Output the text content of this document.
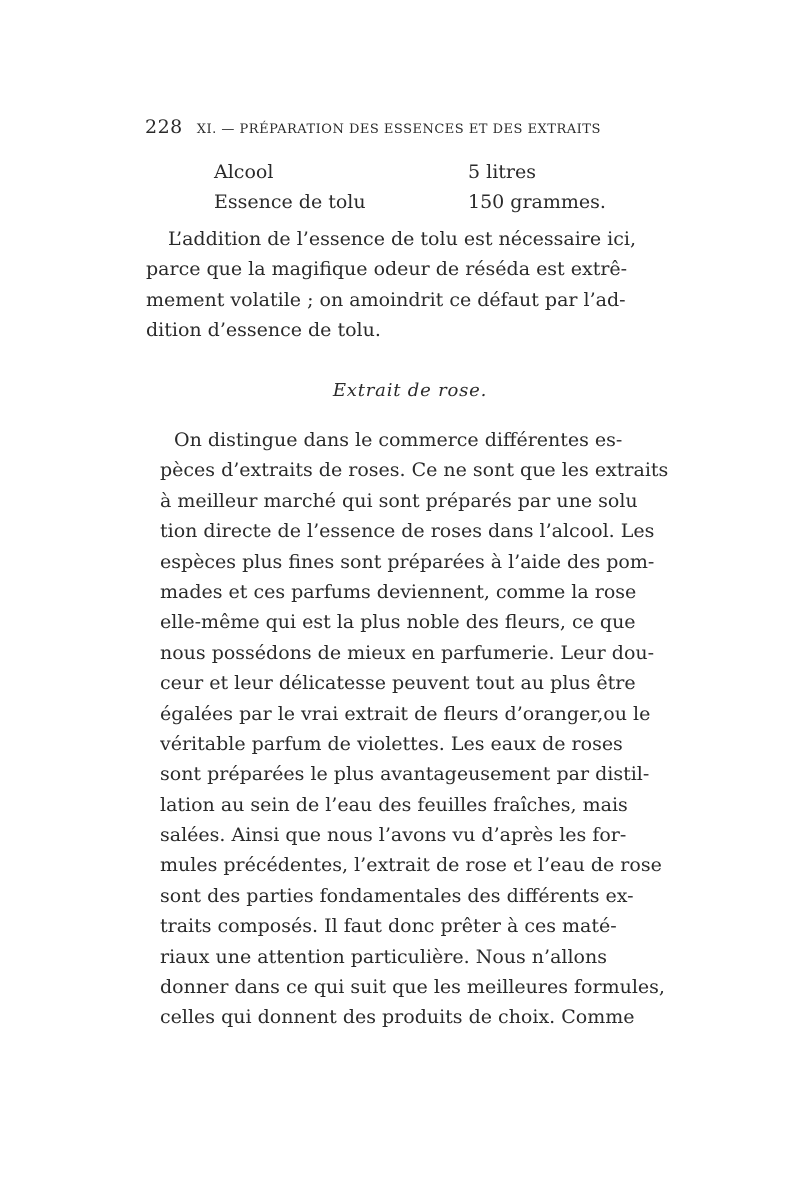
228 XI. — PRÉPARATION DES ESSENCES ET DES EXTRAITS
Alcool	5 litres
Essence de tolu	150 grammes.
L’addition de l’essence de tolu est nécessaire ici,
parce que la magifique odeur de réséda est extrê-
mement volatile ; on amoindrit ce défaut par l’ad-
dition d’essence de tolu.
Extrait de rose.
On distingue dans le commerce différentes es-
pèces d’extraits de roses. Ce ne sont que les extraits
à meilleur marché qui sont préparés par une solu
tion directe de l’essence de roses dans l’alcool. Les
espèces plus fines sont préparées à l’aide des pom-
mades et ces parfums deviennent, comme la rose
elle-même qui est la plus noble des fleurs, ce que
nous possédons de mieux en parfumerie. Leur dou-
ceur et leur délicatesse peuvent tout au plus être
égalées par le vrai extrait de fleurs d’oranger,ou le
véritable parfum de violettes. Les eaux de roses
sont préparées le plus avantageusement par distil-
lation au sein de l’eau des feuilles fraîches, mais
salées. Ainsi que nous l’avons vu d’après les for-
mules précédentes, l’extrait de rose et l’eau de rose
sont des parties fondamentales des différents ex-
traits composés. Il faut donc prêter à ces maté-
riaux une attention particulière. Nous n’allons
donner dans ce qui suit que les meilleures formules,
celles qui donnent des produits de choix. Comme
